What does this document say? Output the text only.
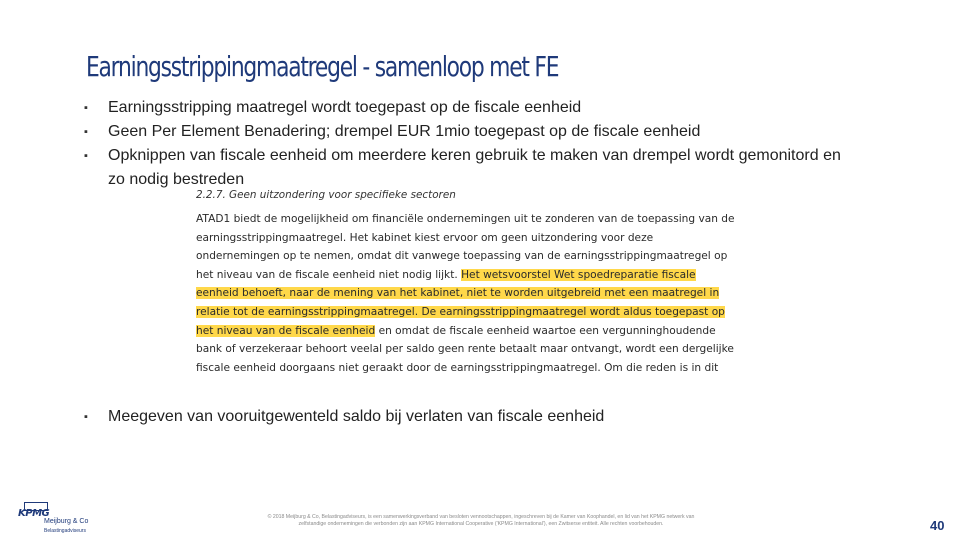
Earningsstrippingmaatregel - samenloop met FE
▪ Earningsstripping maatregel wordt toegepast op de fiscale eenheid
▪ Geen Per Element Benadering; drempel EUR 1mio toegepast op de fiscale eenheid
▪ Opknippen van fiscale eenheid om meerdere keren gebruik te maken van drempel wordt gemonitord en zo nodig bestreden
2.2.7. Geen uitzondering voor specifieke sectoren
ATAD1 biedt de mogelijkheid om financiële ondernemingen uit te zonderen van de toepassing van de
earningsstrippingmaatregel. Het kabinet kiest ervoor om geen uitzondering voor deze
ondernemingen op te nemen, omdat dit vanwege toepassing van de earningsstrippingmaatregel op
het niveau van de fiscale eenheid niet nodig lijkt. Het wetsvoorstel Wet spoedreparatie fiscale
eenheid behoeft, naar de mening van het kabinet, niet te worden uitgebreid met een maatregel in
relatie tot de earningsstrippingmaatregel. De earningsstrippingmaatregel wordt aldus toegepast op
het niveau van de fiscale eenheid en omdat de fiscale eenheid waartoe een vergunninghoudende
bank of verzekeraar behoort veelal per saldo geen rente betaalt maar ontvangt, wordt een dergelijke
fiscale eenheid doorgaans niet geraakt door de earningsstrippingmaatregel. Om die reden is in dit
▪ Meegeven van vooruitgewenteld saldo bij verlaten van fiscale eenheid
KPMG
Meijburg & Co
Belastingadviseurs
© 2018 Meijburg & Co, Belastingadviseurs, is een samenwerkingsverband van besloten vennootschappen, ingeschreven bij de Kamer van Koophandel, en lid van het KPMG netwerk van zelfstandige ondernemingen die verbonden zijn aan KPMG International Cooperative ('KPMG International'), een Zwitserse entiteit. Alle rechten voorbehouden.	40
